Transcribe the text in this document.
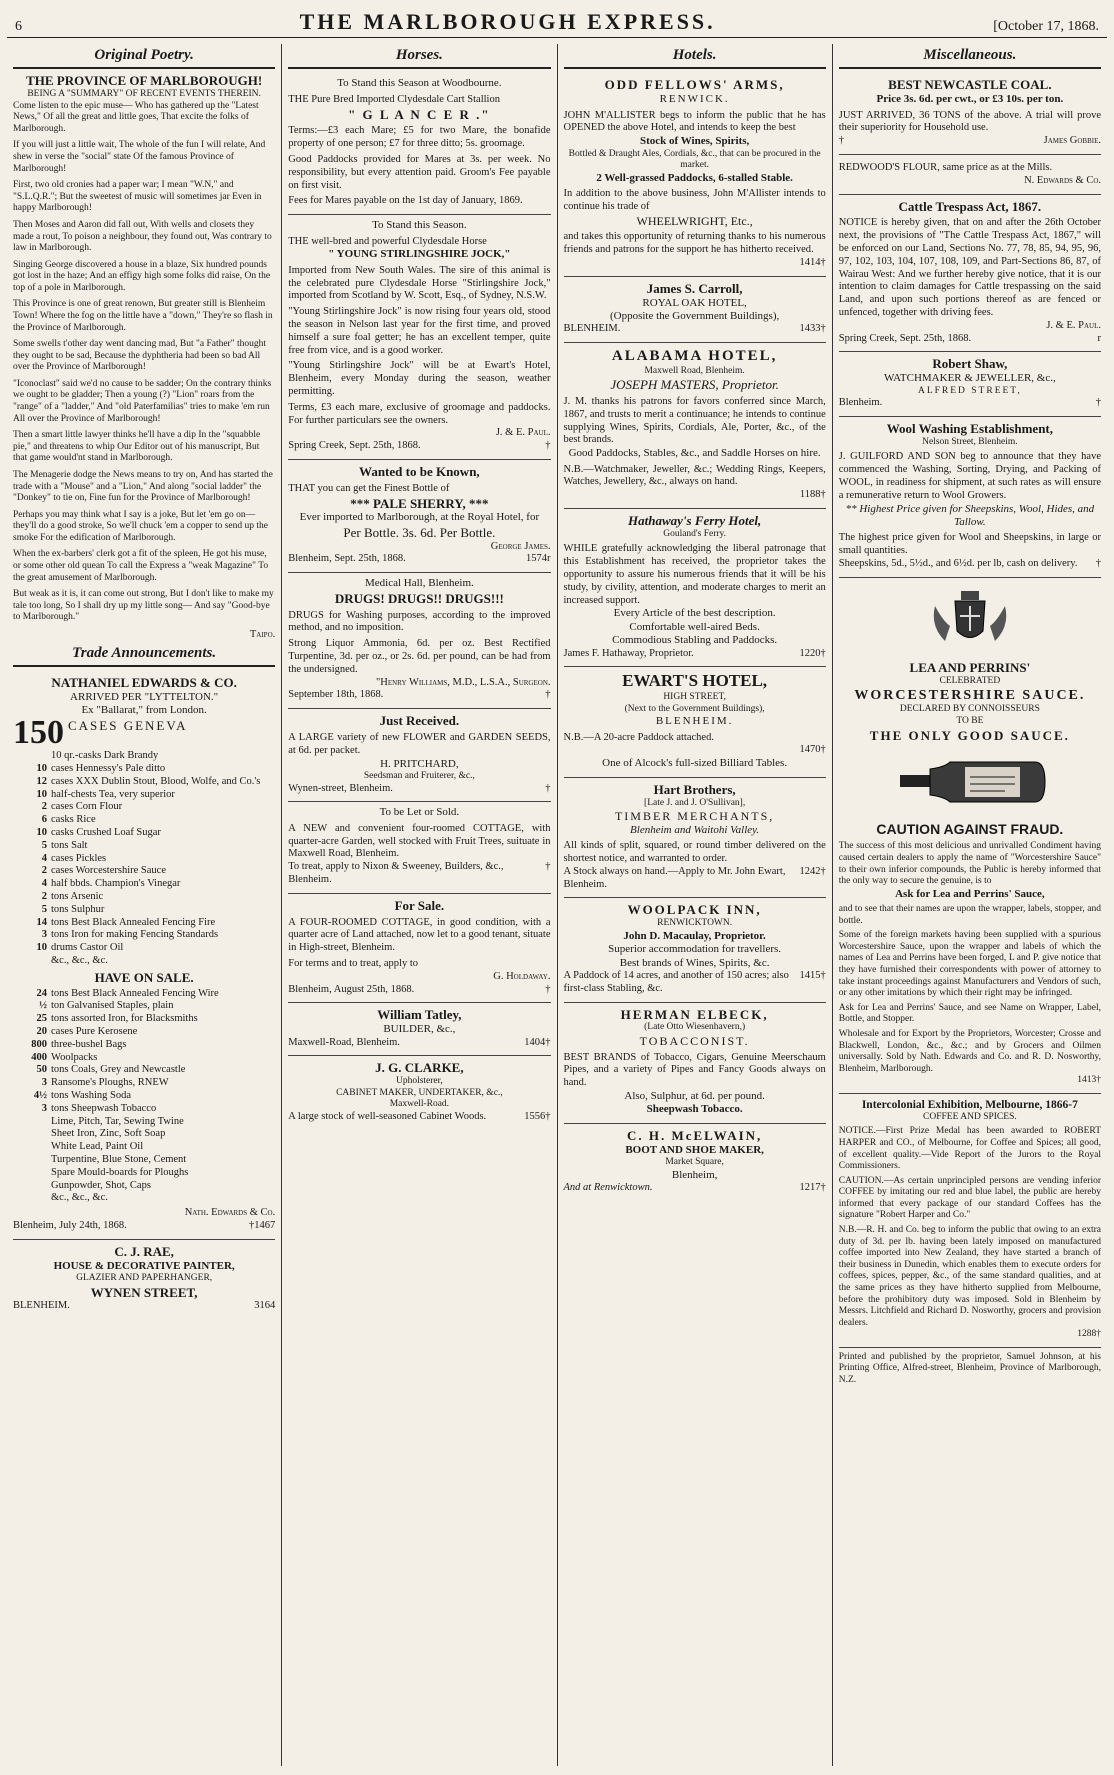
6	THE MARLBOROUGH EXPRESS.	[October 17, 1868.
Original Poetry.
THE PROVINCE OF MARLBOROUGH!
BEING A "SUMMARY" OF RECENT EVENTS THEREIN.

Come listen to the epic muse— Who has gathered up the "Latest News," Of all the great and little goes, That excite the folks of Marlborough.

If you will just a little wait, The whole of the fun I will relate, And shew in verse the "social" state Of the famous Province of Marlborough!

First, two old cronies had a paper war; I mean "W.N," and "S.L.Q.R."; But the sweetest of music will sometimes jar Even in happy Marlborough!

Then Moses and Aaron did fall out, With wells and closets they made a rout, To poison a neighbour, they found out, Was contrary to law in Marlborough.

Singing George discovered a house in a blaze, Six hundred pounds got lost in the haze; And an effigy high some folks did raise, On the top of a pole in Marlborough.

This Province is one of great renown, But greater still is Blenheim Town! Where the fog on the little have a "down," They're so flash in the Province of Marlborough.

Some swells t'other day went dancing mad, But "a Father" thought they ought to be sad, Because the dyphtheria had been so bad All over the Province of Marlborough!

"Iconoclast" said we'd no cause to be sadder; On the contrary thinks we ought to be gladder; Then a young (?) "Lion" roars from the "range" of a "ladder," And "old Paterfamilias" tries to make 'em run All over the Province of Marlborough!

Then a smart little lawyer thinks he'll have a dip In the "squabble pie," and threatens to whip Our Editor out of his manuscript, But that game would'nt stand in Marlborough.

The Menagerie dodge the News means to try on, And has started the trade with a "Mouse" and a "Lion," And along "social ladder" the "Donkey" to tie on, Fine fun for the Province of Marlborough!

Perhaps you may think what I say is a joke, But let 'em go on—they'll do a good stroke, So we'll chuck 'em a copper to send up the smoke For the edification of Marlborough.

When the ex-barbers' clerk got a fit of the spleen, He got his muse, or some other old quean To call the Express a "weak Magazine" To the great amusement of Marlborough.

But weak as it is, it can come out strong, But I don't like to make my tale too long, So I shall dry up my little song— And say "Good-bye to Marlborough."

Taipo.
Trade Announcements.
NATHANIEL EDWARDS & CO.
ARRIVED PER "LYTTELTON."
Ex "Ballarat," from London.
150 CASES GENEVA
10 qr.-casks Dark Brandy
10 cases Hennessy's Pale ditto
12 cases XXX Dublin Stout, Blood, Wolfe, and Co.'s
10 half-chests Tea, very superior
2 cases Corn Flour
6 casks Rice
10 casks Crushed Loaf Sugar
5 tons Salt
4 cases Pickles
2 cases Worcestershire Sauce
4 half bbds. Champion's Vinegar
2 tons Arsenic
5 tons Sulphur
14 tons Best Black Annealed Fencing Fire
3 tons Iron for making Fencing Standards
10 drums Castor Oil
&c., &c., &c.
HAVE ON SALE.
24 tons Best Black Annealed Fencing Wire
½ ton Galvanised Staples, plain
25 tons assorted Iron, for Blacksmiths
20 cases Pure Kerosene
800 three-bushel Bags
400 Woolpacks
50 tons Coals, Grey and Newcastle
3 Ransome's Ploughs, RNEW
4½ tons Washing Soda
3 tons Sheepwash Tobacco
Lime, Pitch, Tar, Sewing Twine
Sheet Iron, Zinc, Soft Soap
White Lead, Paint Oil
Turpentine, Blue Stone, Cement
Spare Mould-boards for Ploughs
Gunpowder, Shot, Caps
&c., &c., &c.
Nath. Edwards & Co.
Blenheim, July 24th, 1868.	†1467
C. J. RAE,
HOUSE & DECORATIVE PAINTER,
GLAZIER AND PAPERHANGER,
WYNEN STREET,
BLENHEIM.	3164
Horses.
To Stand this Season at Woodbourne.
THE Pure Bred Imported Clydesdale Cart Stallion
" G L A N C E R ."
Terms:—£3 each Mare; £5 for two Mare, the bonafide property of one person; £7 for three ditto; 5s. groomage.
Good Paddocks provided for Mares at 3s. per week. No responsibility, but every attention paid. Groom's Fee payable on first visit.
Fees for Mares payable on the 1st day of January, 1869.
To Stand this Season.
THE well-bred and powerful Clydesdale Horse
" YOUNG STIRLINGSHIRE JOCK,"
Imported from New South Wales. The sire of this animal is the celebrated pure Clydesdale Horse "Stirlingshire Jock," imported from Scotland by W. Scott, Esq., of Sydney, N.S.W.
"Young Stirlingshire Jock" is now rising four years old, stood the season in Nelson last year for the first time, and proved himself a sure foal getter; he has an excellent temper, quite free from vice, and is a good worker.
"Young Stirlingshire Jock" will be at Ewart's Hotel, Blenheim, every Monday during the season, weather permitting.
Terms, £3 each mare, exclusive of groomage and paddocks. For further particulars see the owners.
J. & E. Paul.
Spring Creek, Sept. 25th, 1868.	†
Wanted to be Known,
THAT you can get the Finest Bottle of
*** PALE SHERRY, ***
Ever imported to Marlborough, at the Royal Hotel, for
Per Bottle. 3s. 6d. Per Bottle.
George James.
Blenheim, Sept. 25th, 1868.	1574r
Medical Hall, Blenheim.
DRUGS! DRUGS!! DRUGS!!!
DRUGS for Washing purposes, according to the improved method, and no imposition.
Strong Liquor Ammonia, 6d. per oz. Best Rectified Turpentine, 3d. per oz., or 2s. 6d. per pound, can be had from the undersigned.
"Henry Williams, M.D., L.S.A., Surgeon.
September 18th, 1868.	†
Just Received.
A LARGE variety of new FLOWER and GARDEN SEEDS, at 6d. per packet.
H. PRITCHARD,
Seedsman and Fruiterer, &c.,
Wynen-street, Blenheim.	†
To be Let or Sold.
A NEW and convenient four-roomed COTTAGE, with quarter-acre Garden, well stocked with Fruit Trees, suituate in Maxwell Road, Blenheim.
To treat, apply to Nixon & Sweeney, Builders, &c., Blenheim.
†
For Sale.
A FOUR-ROOMED COTTAGE, in good condition, with a quarter acre of Land attached, now let to a good tenant, situate in High-street, Blenheim.
For terms and to treat, apply to
G. Holdaway.
Blenheim, August 25th, 1868.	†
William Tatley,
BUILDER, &c.,
Maxwell-Road, Blenheim.	1404†
J. G. CLARKE,
Upholsterer,
CABINET MAKER, UNDERTAKER, &c.,
Maxwell-Road.
A large stock of well-seasoned Cabinet Woods.	1556†
Hotels.
ODD FELLOWS' ARMS,
RENWICK.
JOHN M'ALLISTER begs to inform the public that he has OPENED the above Hotel, and intends to keep the best
Stock of Wines, Spirits,
Bottled & Draught Ales, Cordials, &c., that can be procured in the market.
2 Well-grassed Paddocks, 6-stalled Stable.
In addition to the above business, John M'Allister intends to continue his trade of
WHEELWRIGHT, Etc.,
and takes this opportunity of returning thanks to his numerous friends and patrons for the support he has hitherto received.
1414†
James S. Carroll,
ROYAL OAK HOTEL,
(Opposite the Government Buildings),
BLENHEIM.	1433†
ALABAMA HOTEL,
Maxwell Road, Blenheim.
JOSEPH MASTERS, Proprietor.
J. M. thanks his patrons for favors conferred since March, 1867, and trusts to merit a continuance; he intends to continue supplying Wines, Spirits, Cordials, Ale, Porter, &c., of the best brands.
Good Paddocks, Stables, &c., and Saddle Horses on hire.
N.B.—Watchmaker, Jeweller, &c.; Wedding Rings, Keepers, Watches, Jewellery, &c., always on hand.
1188†
Hathaway's Ferry Hotel,
Gouland's Ferry.
WHILE gratefully acknowledging the liberal patronage that this Establishment has received, the proprietor takes the opportunity to assure his numerous friends that it will be his study, by civility, attention, and moderate charges to merit an increased support.
Every Article of the best description.
Comfortable well-aired Beds.
Commodious Stabling and Paddocks.
James F. Hathaway, Proprietor.	1220†
EWART'S HOTEL,
HIGH STREET,
(Next to the Government Buildings),
BLENHEIM.
N.B.—A 20-acre Paddock attached.
1470†
One of Alcock's full-sized Billiard Tables.
Hart Brothers,
[Late J. and J. O'Sullivan],
TIMBER MERCHANTS,
Blenheim and Waitohi Valley.
All kinds of split, squared, or round timber delivered on the shortest notice, and warranted to order.
A Stock always on hand.—Apply to Mr. John Ewart, Blenheim.
1242†
WOOLPACK INN,
RENWICKTOWN.
John D. Macaulay, Proprietor.
Superior accommodation for travellers.
Best brands of Wines, Spirits, &c.
A Paddock of 14 acres, and another of 150 acres; also first-class Stabling, &c.
1415†
HERMAN ELBECK,
(Late Otto Wiesenhavern,)
TOBACCONIST.
BEST BRANDS of Tobacco, Cigars, Genuine Meerschaum Pipes, and a variety of Pipes and Fancy Goods always on hand.
Also, Sulphur, at 6d. per pound.
Sheepwash Tobacco.
C. H. McELWAIN,
BOOT AND SHOE MAKER,
Market Square,
Blenheim,
And at Renwicktown.	1217†
Miscellaneous.
BEST NEWCASTLE COAL.
Price 3s. 6d. per cwt., or £3 10s. per ton.
JUST ARRIVED, 36 TONS of the above. A trial will prove their superiority for Household use.
†	James Gobbie.
REDWOOD'S FLOUR, same price as at the Mills.
N. Edwards & Co.
Cattle Trespass Act, 1867.
NOTICE is hereby given, that on and after the 26th October next, the provisions of "The Cattle Trespass Act, 1867," will be enforced on our Land, Sections No. 77, 78, 85, 94, 95, 96, 97, 102, 103, 104, 107, 108, 109, and Part-Sections 86, 87, of Wairau West: And we further hereby give notice, that it is our intention to claim damages for Cattle trespassing on the said Land, and upon such portions thereof as are fenced or unfenced, together with driving fees.
J. & E. Paul.
Spring Creek, Sept. 25th, 1868.	r
Robert Shaw,
WATCHMAKER & JEWELLER, &c.,
ALFRED STREET,
Blenheim.	†
Wool Washing Establishment,
Nelson Street, Blenheim.
J. GUILFORD AND SON beg to announce that they have commenced the Washing, Sorting, Drying, and Packing of WOOL, in readiness for shipment, at such rates as will ensure a remunerative return to Wool Growers.
** Highest Price given for Sheepskins, Wool, Hides, and Tallow.
The highest price given for Wool and Sheepskins, in large or small quantities.
Sheepskins, 5d., 5½d., and 6½d. per lb, cash on delivery. †
LEA AND PERRINS'
CELEBRATED
WORCESTERSHIRE SAUCE.
DECLARED BY CONNOISSEURS
TO BE
THE ONLY GOOD SAUCE.
CAUTION AGAINST FRAUD.
The success of this most delicious and unrivalled Condiment having caused certain dealers to apply the name of "Worcestershire Sauce" to their own inferior compounds, the Public is hereby informed that the only way to secure the genuine, is to
Ask for Lea and Perrins' Sauce,
and to see that their names are upon the wrapper, labels, stopper, and bottle.
Some of the foreign markets having been supplied with a spurious Worcestershire Sauce, upon the wrapper and labels of which the names of Lea and Perrins have been forged, L and P. give notice that they have furnished their correspondents with power of attorney to take instant proceedings against Manufacturers and Vendors of such, or any other imitations by which their right may be infringed.
Ask for Lea and Perrins' Sauce, and see Name on Wrapper, Label, Bottle, and Stopper.
Wholesale and for Export by the Proprietors, Worcester; Crosse and Blackwell, London, &c., &c.; and by Grocers and Oilmen universally. Sold by Nath. Edwards and Co. and R. D. Nosworthy, Blenheim, Marlborough.
1413†
Intercolonial Exhibition, Melbourne, 1866-7
COFFEE AND SPICES.
NOTICE.—First Prize Medal has been awarded to ROBERT HARPER and CO., of Melbourne, for Coffee and Spices; all good, of excellent quality.—Vide Report of the Jurors to the Royal Commissioners.
CAUTION.—As certain unprincipled persons are vending inferior COFFEE by imitating our red and blue label, the public are hereby informed that every package of our standard Coffees has the signature "Robert Harper and Co."
N.B.—R. H. and Co. beg to inform the public that owing to an extra duty of 3d. per lb. having been lately imposed on manufactured coffee imported into New Zealand, they have started a branch of their business in Dunedin, which enables them to execute orders for coffees, spices, pepper, &c., of the same standard qualities, and at the same prices as they have hitherto supplied from Melbourne, before the prohibitory duty was imposed. Sold in Blenheim by Messrs. Litchfield and Richard D. Nosworthy, grocers and provision dealers.
1288†
Printed and published by the proprietor, Samuel Johnson, at his Printing Office, Alfred-street, Blenheim, Province of Marlborough, N.Z.
